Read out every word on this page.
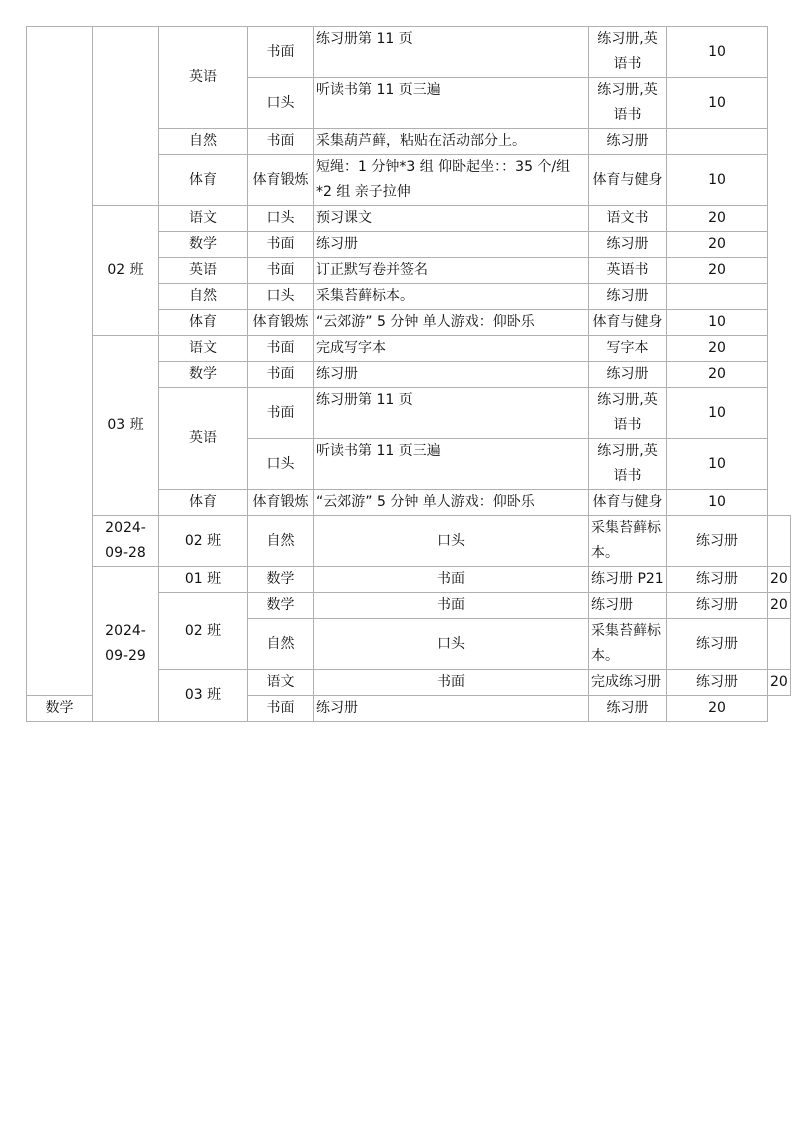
		英语	书面	练习册第 11 页	练习册,英语书	10	
			口头	听读书第 11 页三遍	练习册,英语书	10	
		自然	书面	采集葫芦藓，粘贴在活动部分上。	练习册		
		体育	体育锻炼	短绳：1 分钟*3 组 仰卧起坐：：35 个/组*2 组 亲子拉伸	体育与健身	10	
	02 班	语文	口头	预习课文	语文书	20	
		数学	书面	练习册	练习册	20	
		英语	书面	订正默写卷并签名	英语书	20	
		自然	口头	采集苔藓标本。	练习册		
		体育	体育锻炼	“云郊游” 5 分钟 单人游戏：仰卧乐	体育与健身	10	
	03 班	语文	书面	完成写字本	写字本	20	
		数学	书面	练习册	练习册	20	
		英语	书面	练习册第 11 页	练习册,英语书	10	
			口头	听读书第 11 页三遍	练习册,英语书	10	
		体育	体育锻炼	“云郊游” 5 分钟 单人游戏：仰卧乐	体育与健身	10	
	2024-09-28	02 班	自然	口头	采集苔藓标本。	练习册	
	2024-09-29	01 班	数学	书面	练习册 P21	练习册	20
		02 班	数学	书面	练习册	练习册	20
			自然	口头	采集苔藓标本。	练习册	
		03 班	语文	书面	完成练习册	练习册	20
数学			书面	练习册	练习册	20	
